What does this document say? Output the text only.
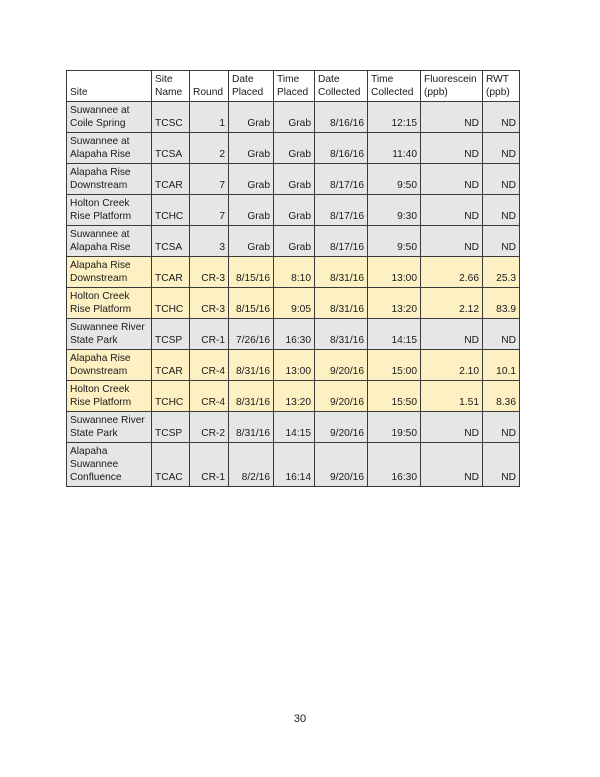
Site	Site Name	Round	Date Placed	Time Placed	Date Collected	Time Collected	Fluorescein (ppb)	RWT (ppb)
Suwannee at Coile Spring	TCSC	1	Grab	Grab	8/16/16	12:15	ND	ND
Suwannee at Alapaha Rise	TCSA	2	Grab	Grab	8/16/16	11:40	ND	ND
Alapaha Rise Downstream	TCAR	7	Grab	Grab	8/17/16	9:50	ND	ND
Holton Creek Rise Platform	TCHC	7	Grab	Grab	8/17/16	9:30	ND	ND
Suwannee at Alapaha Rise	TCSA	3	Grab	Grab	8/17/16	9:50	ND	ND
Alapaha Rise Downstream	TCAR	CR-3	8/15/16	8:10	8/31/16	13:00	2.66	25.3
Holton Creek Rise Platform	TCHC	CR-3	8/15/16	9:05	8/31/16	13:20	2.12	83.9
Suwannee River State Park	TCSP	CR-1	7/26/16	16:30	8/31/16	14:15	ND	ND
Alapaha Rise Downstream	TCAR	CR-4	8/31/16	13:00	9/20/16	15:00	2.10	10.1
Holton Creek Rise Platform	TCHC	CR-4	8/31/16	13:20	9/20/16	15:50	1.51	8.36
Suwannee River State Park	TCSP	CR-2	8/31/16	14:15	9/20/16	19:50	ND	ND
Alapaha Suwannee Confluence	TCAC	CR-1	8/2/16	16:14	9/20/16	16:30	ND	ND
30
